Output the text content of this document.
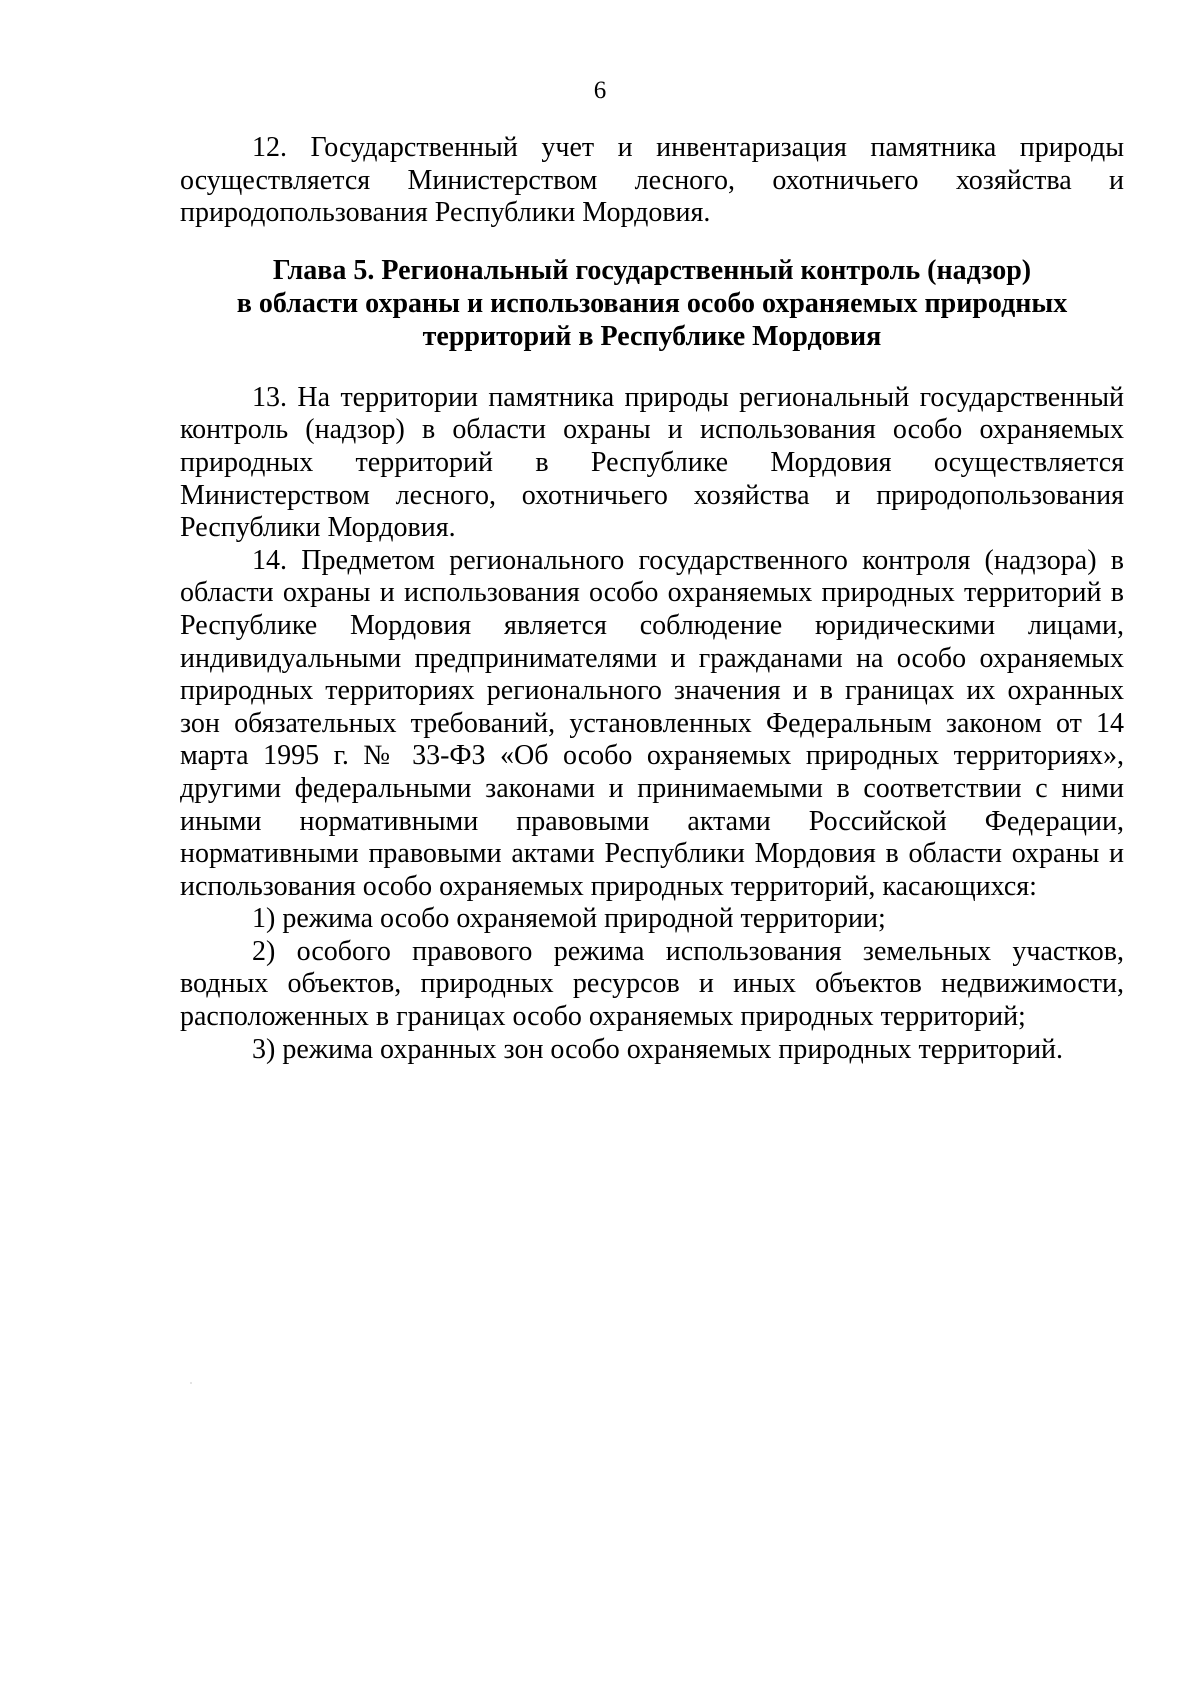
6

12. Государственный учет и инвентаризация памятника природы осуществляется Министерством лесного, охотничьего хозяйства и природопользования Республики Мордовия.

Глава 5. Региональный государственный контроль (надзор)
в области охраны и использования особо охраняемых природных
территорий в Республике Мордовия

13. На территории памятника природы региональный государственный контроль (надзор) в области охраны и использования особо охраняемых природных территорий в Республике Мордовия осуществляется Министерством лесного, охотничьего хозяйства и природопользования Республики Мордовия.

14. Предметом регионального государственного контроля (надзора) в области охраны и использования особо охраняемых природных территорий в Республике Мордовия является соблюдение юридическими лицами, индивидуальными предпринимателями и гражданами на особо охраняемых природных территориях регионального значения и в границах их охранных зон обязательных требований, установленных Федеральным законом от 14 марта 1995 г. № 33-ФЗ «Об особо охраняемых природных территориях», другими федеральными законами и принимаемыми в соответствии с ними иными нормативными правовыми актами Российской Федерации, нормативными правовыми актами Республики Мордовия в области охраны и использования особо охраняемых природных территорий, касающихся:

1) режима особо охраняемой природной территории;

2) особого правового режима использования земельных участков, водных объектов, природных ресурсов и иных объектов недвижимости, расположенных в границах особо охраняемых природных территорий;

3) режима охранных зон особо охраняемых природных территорий.
